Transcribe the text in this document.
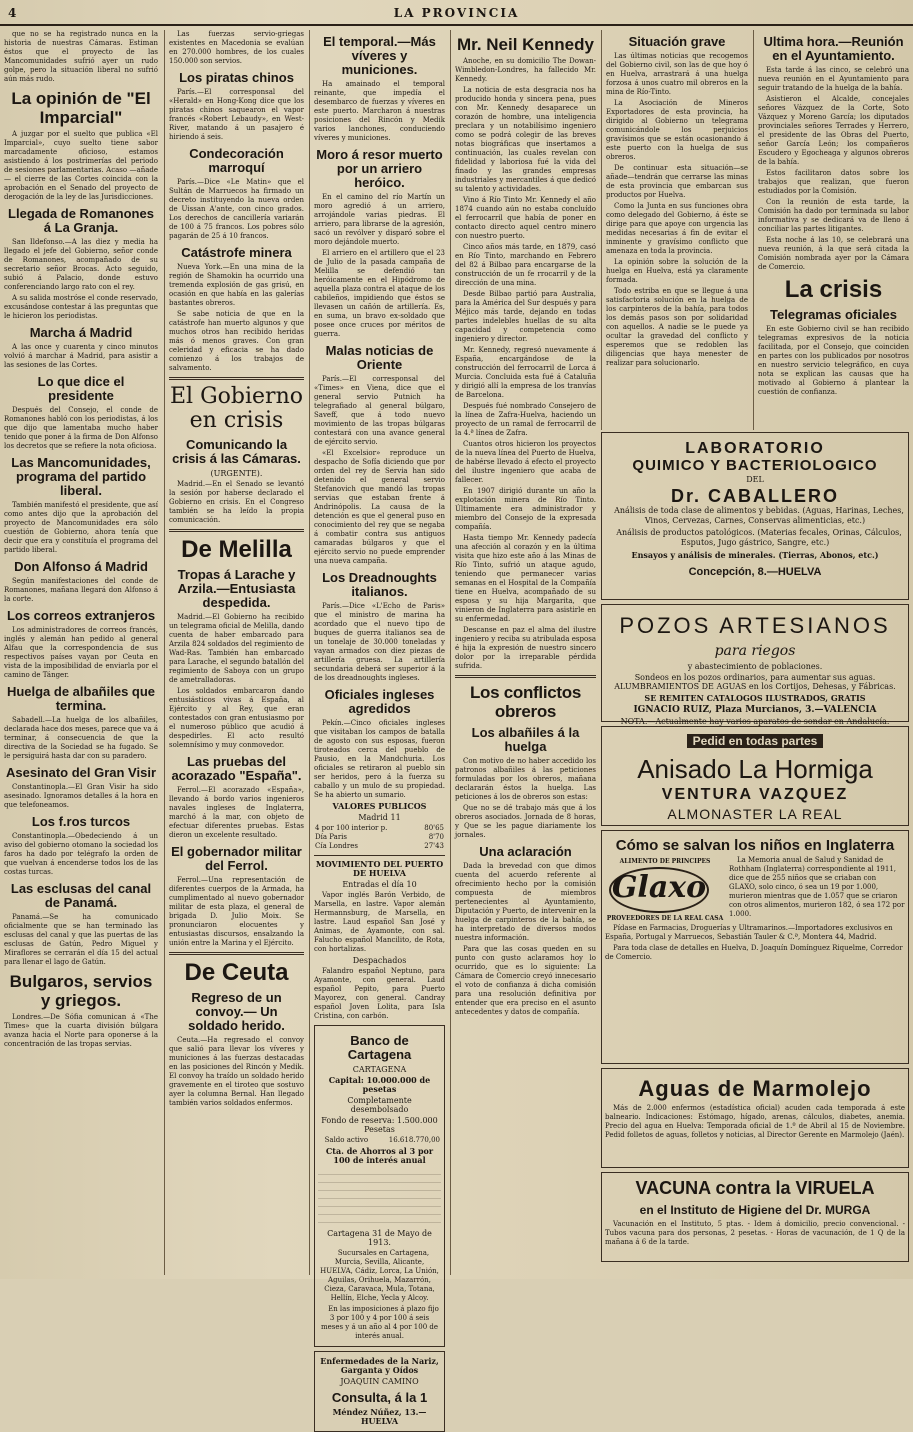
4	LA PROVINCIA

que no se ha registrado nunca en la historia de nuestras Cámaras. Estiman éstos que el proyecto de las Mancomunidades sufrió ayer un rudo golpe, pero la situación liberal no sufrió aún más rudo.

La opinión de "El Imparcial"

A juzgar por el suelto que publica «El Imparcial», cuyo suelto tiene sabor marcadamente oficioso, estamos asistiendo á los postrimerías del periodo de sesiones parlamentarias. Acaso —añade— el cierre de las Cortes coincida con la aprobación en el Senado del proyecto de derogación de la ley de las Jurisdicciones.

Llegada de Romanones á La Granja.

San Ildefonso.—A las diez y media ha llegado el jefe del Gobierno, señor conde de Romanones, acompañado de su secretario señor Brocas. Acto seguido, subió á Palacio, donde estuvo conferenciando largo rato con el rey.

A su salida mostróse el conde reservado, excusándose contestar á las preguntas que le hicieron los periodistas.

Marcha á Madrid

A las once y cuarenta y cinco minutos volvió á marchar á Madrid, para asistir a las sesiones de las Cortes.

Lo que dice el presidente

Después del Consejo, el conde de Romanones habló con los periodistas, á los que dijo que lamentaba mucho haber tenido que poner á la firma de Don Alfonso los decretos que se refiere la nota oficiosa.

Las Mancomunidades, programa del partido liberal.

También manifestó el presidente, que así como antes dijo que la aprobación del proyecto de Mancomunidades era sólo cuestión de Gobierno, ahora tenía que decir que era y constituía el programa del partido liberal.

Don Alfonso á Madrid

Según manifestaciones del conde de Romanones, mañana llegará don Alfonso á la corte.

Los correos extranjeros

Los administradores de correos francés, inglés y alemán han pedido al general Alfau que la correspondencia de sus respectivos países vayan por Ceuta en vista de la imposibilidad de enviarla por el camino de Tánger.

Huelga de albañiles que termina.

Sabadell.—La huelga de los albañiles, declarada hace dos meses, parece que va á terminar, á consecuencia de que la directiva de la Sociedad se ha fugado. Se le persiguirá hasta dar con su paradero.

Asesinato del Gran Visir

Constantinopla.—El Gran Visir ha sido asesinado. Ignoramos detalles á la hora en que telefoneamos.

Los f.ros turcos

Constantinopla.—Obedeciendo á un aviso del gobierno otomano la sociedad los faros ha dado por telégrafo la orden de que vuelvan á encenderse todos los de las costas turcas.

Las esclusas del canal de Panamá.

Panamá.—Se ha comunicado oficialmente que se han terminado las esclusas del canal y que las puertas de las esclusas de Gatún, Pedro Miguel y Miraflores se cerrarán el día 15 del actual para llenar el lago de Gatún.

Bulgaros, servios y griegos.

Londres.—De Sófia comunican á «The Times» que la cuarta división búlgara avanza hacia el Norte para oponerse á la concentración de las tropas servias.

Las fuerzas servio-griegas existentes en Macedonia se evalúan en 270.000 hombres, de los cuales 150.000 son servios.

Los piratas chinos

París.—El corresponsal del «Herald» en Hong-Kong dice que los piratas chinos saquearon el vapor francés «Robert Lebaudy», en West-River, matando á un pasajero é hiriendo á seis.

Condecoración marroquí

París.—Dice «Le Matin» que el Sultán de Marruecos ha firmado un decreto instituyendo la nueva orden de Uissan A'ante, con cinco grados. Los derechos de cancillería variarán de 100 á 75 francos. Los pobres sólo pagarán de 25 á 10 francos.

Catástrofe minera

Nueva York.—En una mina de la región de Shamokin ha ocurrido una tremenda explosión de gas grisú, en ocasión en que había en las galerías bastantes obreros.

Se sabe noticia de que en la catástrofe han muerto algunos y que muchos otros han recibido heridas más ó menos graves. Con gran celeridad y eficacia se ha dado comienzo á los trabajos de salvamento.

El Gobierno en crisis
Comunicando la crisis á las Cámaras.
(URGENTE).

Madrid.—En el Senado se levantó la sesión por haberse declarado el Gobierno en crisis. En el Congreso también se ha leído la propia comunicación.

De Melilla
Tropas á Larache y Arzila.—Entusiasta despedida.

Madrid.—El Gobierno ha recibido un telegrama oficial de Melilla, dando cuenta de haber embarcado para Arzila 824 soldados del regimiento de Wad-Ras. También han embarcado para Larache, el segundo batallón del regimiento de Saboya con un grupo de ametralladoras.

Los soldados embarcaron dando entusiásticos vivas á España, al Ejército y al Rey, que eran contestados con gran entusiasmo por el numeroso público que acudió á despedirles. El acto resultó solemnísimo y muy conmovedor.

Las pruebas del acorazado "España".

Ferrol.—El acorazado «España», llevando á bordo varios ingenieros navales ingleses de Inglaterra, marchó á la mar, con objeto de efectuar diferentes pruebas. Estas dieron un excelente resultado.

El gobernador militar del Ferrol.

Ferrol.—Una representación de diferentes cuerpos de la Armada, ha cumplimentado al nuevo gobernador militar de esta plaza, el general de brigada D. Julio Moix. Se pronunciaron elocuentes y entusiastas discursos, ensalzando la unión entre la Marina y el Ejército.

De Ceuta
Regreso de un convoy.— Un soldado herido.

Ceuta.—Ha regresado el convoy que salió para llevar los víveres y municiones á las fuerzas destacadas en las posiciones del Rincón y Medik. El convoy ha traído un soldado herido gravemente en el tiroteo que sostuvo ayer la columna Bernal. Han llegado también varios soldados enfermos.

El temporal.—Más víveres y municiones.

Ha amainado el temporal reinante, que impedía el desembarco de fuerzas y víveres en este puerto. Marcharon á nuestras posiciones del Rincón y Medik varios lanchones, conduciendo víveres y municiones.

Moro á resor muerto por un arriero heróico.

En el camino del río Martín un moro agredió á un arriero, arrojándole varias piedras. El arriero, para librarse de la agresión, sacó un revólver y disparó sobre el moro dejándole muerto.

El arriero en el artillero que el 23 de Julio de la pasada campaña de Melilla se defendió tan heróicamente en el Hipódromo de aquella plaza contra el ataque de los cabileños, impidiendo que éstos se llevasen un cañón de artillería. Es, en suma, un bravo ex-soldado que posee once cruces por méritos de guerra.

Malas noticias de Oriente

París.—El corresponsal del «Times» en Viena, dice que el general servio Putnich ha telegrafiado al general búlgaro, Saveff, que á todo nuevo movimiento de las tropas búlgaras contestará con una avance general de ejército servio.

«El Excelsior» reproduce un despacho de Sofía diciendo que por orden del rey de Servia han sido detenido el general servio Stefanovich que mandó las tropas servias que estaban frente á Andrinópolis. La causa de la detención es que el general puso en conocimiento del rey que se negaba á combatir contra sus antiguos camaradas búlgaros y que el ejército servio no puede emprender una nueva campaña.

Los Dreadnoughts italianos.

París.—Dice «L'Echo de Paris» que el ministro de marina ha acordado que el nuevo tipo de buques de guerra italianos sea de un tonelaje de 30.000 toneladas y vayan armados con diez piezas de artillería gruesa. La artillería secundaria deberá ser superior á la de los dreadnoughts ingleses.

Oficiales ingleses agredidos

Pekín.—Cinco oficiales ingleses que visitaban los campos de batalla de agosto con sus esposas, fueron tiroteados cerca del pueblo de Pausio, en la Mandchuria. Los oficiales se retiraron al pueblo sin ser heridos, pero á la fuerza su caballo y un mulo de su propiedad. Se ha abierto un sumario.

VALORES PUBLICOS
Madrid 11
4 por 100 interior p.	80'65
Día Paris	8'70
Cía Londres	27'43
MOVIMIENTO DEL PUERTO DE HUELVA
Entradas el día 10

Vapor inglés Barón Verbido, de Marsella, en lastre. Vapor alemán Hermannsburg, de Marsella, en lastre. Laud español San José y Animas, de Ayamonte, con sal. Falucho español Mancilito, de Rota, con hortalizas.

Despachados

Falandro español Neptuno, para Ayamonte, con general. Laud español Pepito, para Puerto Mayorez, con general. Candray español Joven Lolita, para Isla Cristina, con carbón.

Banco de Cartagena
CARTAGENA
Capital: 10.000.000 de pesetas
Completamente desembolsado
Fondo de reserva: 1.500.000 Pesetas
Saldo activo	16.618.770,00
Cta. de Ahorros al 3 por 100 de interés anual
Cartagena 31 de Mayo de 1913.

Sucursales en Cartagena, Murcia, Sevilla, Alicante, HUELVA, Cádiz, Lorca, La Unión, Aguilas, Orihuela, Mazarrón, Cieza, Caravaca, Mula, Totana, Hellín, Elche, Yecla y Alcoy.

En las imposiciones á plazo fijo 3 por 100 y 4 por 100 á seis meses y á un año al 4 por 100 de interés anual.

Enfermedades de la Nariz, Garganta y Oídos
JOAQUIN CAMINO
Consulta, á la 1
Méndez Núñez, 13.—HUELVA
Mr. Neil Kennedy

Anoche, en su domicilio The Dowan-Wimbledon-Londres, ha fallecido Mr. Kennedy.

La noticia de esta desgracia nos ha producido honda y sincera pena, pues con Mr. Kennedy desaparece un corazón de hombre, una inteligencia preclara y un notabilísimo ingeniero como se podrá colegir de las breves notas biográficas que insertamos a continuación, las cuales revelan con fidelidad y laboriosa fué la vida del finado y las grandes empresas industriales y mercantiles á que dedicó su talento y actividades.

Vino á Río Tinto Mr. Kennedy el año 1874 cuando aún no estaba concluído el ferrocarril que había de poner en contacto directo aquel centro minero con nuestro puerto.

Cinco años más tarde, en 1879, casó en Río Tinto, marchando en Febrero del 82 á Bilbao para encargarse de la construcción de un fe rrocarril y de la dirección de una mina.

Desde Bilbao partió para Australia, para la América del Sur después y para Méjico más tarde, dejando en todas partes indelebles huellas de su alta capacidad y competencia como ingeniero y director.

Mr. Kennedy, regresó nuevamente á España, encargándose de la construcción del ferrocarril de Lorca á Murcia. Concluida esta fué á Cataluña y dirigió allí la empresa de los tranvías de Barcelona.

Después fué nombrado Consejero de la línea de Zafra-Huelva, haciendo un proyecto de un ramal de ferrocarril de la 4.ª línea de Zafra.

Cuantos otros hicieron los proyectos de la nueva línea del Puerto de Huelva, de habérse llevado á efecto el proyecto del ilustre ingeniero que acaba de fallecer.

En 1907 dirigió durante un año la explotación minera de Río Tinto. Últimamente era administrador y miembro del Consejo de la expresada compañía.

Hasta tiempo Mr. Kennedy padecía una afección al corazón y en la última visita que hizo este año á las Minas de Río Tinto, sufrió un ataque agudo, teniendo que permanecer varias semanas en el Hospital de la Compañía tiene en Huelva, acompañado de su esposa y su hija Margarita, que vinieron de Inglaterra para asistirle en su enfermedad.

Descanse en paz el alma del ilustre ingeniero y reciba su atribulada esposa é hija la expresión de nuestro sincero dolor por la irreparable pérdida sufrida.

Los conflictos obreros
Los albañiles á la huelga

Con motivo de no haber accedido los patronos albañiles á las peticiones formuladas por los obreros, mañana declararán éstos la huelga. Las peticiones á los de obreros son estas:

Que no se dé trabajo más que á los obreros asociados. Jornada de 8 horas, y Que se les pague diariamente los jornales.

Una aclaración

Dada la brevedad con que dimos cuenta del acuerdo referente al ofrecimiento hecho por la comisión compuesta de miembros pertenecientes al Ayuntamiento, Diputación y Puerto, de intervenir en la huelga de carpinteros de la bahía, se ha interpretado de diversos modos nuestra información.

Para que las cosas queden en su punto con gusto aclaramos hoy lo ocurrido, que es lo siguiente: La Cámara de Comercio creyó innecesario el voto de confianza á dicha comisión para una resolución definitiva por entender que era preciso en el asunto antecedentes y datos de compañía.

Situación grave

Las últimas noticias que recogemos del Gobierno civil, son las de que hoy ó en Huelva, arrastrará á una huelga forzosa á unos cuatro mil obreros en la mina de Río-Tinto.

La Asociación de Mineros Exportadores de esta provincia, ha dirigido al Gobierno un telegrama comunicándole los perjuicios gravísimos que se están ocasionando á este puerto con la huelga de sus obreros.

De continuar esta situación—se añade—tendrán que cerrarse las minas de esta provincia que embarcan sus productos por Huelva.

Como la Junta en sus funciones obra como delegado del Gobierno, á éste se dirige para que apoye con urgencia las medidas necesarias á fin de evitar el inminente y gravísimo conflicto que amenaza en toda la provincia.

La opinión sobre la solución de la huelga en Huelva, está ya claramente formada.

Todo estriba en que se llegue á una satisfactoria solución en la huelga de los carpinteros de la bahía, para todos los demás pasos son por solidaridad con aquellos. A nadie se le puede ya ocultar la gravedad del conflicto y esperemos que se redoblen las diligencias que haya menester de realizar para solucionarlo.

Ultima hora.—Reunión en el Ayuntamiento.

Esta tarde á las cinco, se celebró una nueva reunión en el Ayuntamiento para seguir tratando de la huelga de la bahía.

Asistieron el Alcalde, concejales señores Vázquez de la Corte, Soto Vázquez y Moreno García; los diputados provinciales señores Terrades y Herrero, el presidente de las Obras del Puerto, señor García León; los compañeros Escudero y Egocheaga y algunos obreros de la bahía.

Estos facilitaron datos sobre los trabajos que realizan, que fueron estudiados por la Comisión.

Con la reunión de esta tarde, la Comisión ha dado por terminada su labor informativa y se dedicará va de lleno á conciliar las partes litigantes.

Esta noche á las 10, se celebrará una nueva reunión, á la que será citada la Comisión nombrada ayer por la Cámara de Comercio.

La crisis
Telegramas oficiales

En este Gobierno civil se han recibido telegramas expresivos de la noticia facilitada, por el Consejo, que coinciden en partes con los publicados por nosotros en nuestro servicio telegráfico, en cuya nota se explican las causas que ha motivado al Gobierno á plantear la cuestión de confianza.

LABORATORIO
QUIMICO Y BACTERIOLOGICO
DEL
Dr. CABALLERO

Análisis de toda clase de alimentos y bebidas. (Aguas, Harinas, Leches, Vinos, Cervezas, Carnes, Conservas alimenticias, etc.)

Análisis de productos patológicos. (Materias fecales, Orinas, Cálculos, Esputos, Jugo gástrico, Sangre, etc.)

Ensayos y análisis de minerales. (Tierras, Abonos, etc.)
Concepción, 8.—HUELVA
POZOS ARTESIANOS
para riegos
y abastecimiento de poblaciones.
Sondeos en los pozos ordinarios, para aumentar sus aguas. ALUMBRAMIENTOS DE AGUAS en los Cortijos, Dehesas, y Fábricas.
SE REMITEN CATALOGOS ILUSTRADOS, GRATIS
IGNACIO RUIZ, Plaza Murcianos, 3.—VALENCIA
NOTA.—Actualmente hay varios aparatos de sondar en Andalucía.
Pedid en todas partes
Anisado La Hormiga
VENTURA VAZQUEZ
ALMONASTER LA REAL
Cómo se salvan los niños en Inglaterra
ALIMENTO DE PRINCIPES
Glaxo
PROVEEDORES DE LA REAL CASA

La Memoria anual de Salud y Sanidad de Rothham (Inglaterra) correspondiente al 1911, dice que de 255 niños que se criaban con GLAXO, solo cinco, ó sea un 19 por 1.000, murieron mientras que de 1.057 que se criaron con otros alimentos, murieron 182, ó sea 172 por 1.000.

Pídase en Farmacias, Droguerías y Ultramarinos.—Importadores exclusivos en España, Portugal y Marruecos, Sebastián Tauler & C.ª, Montera 44, Madrid.

Para toda clase de detalles en Huelva, D. Joaquín Domínguez Riquelme, Corredor de Comercio.

Aguas de Marmolejo

Más de 2.000 enfermos (estadística oficial) acuden cada temporada á este balneario. Indicaciones: Estómago, hígado, arenas, cálculos, diabetes, anemia. Precio del agua en Huelva: Temporada oficial de 1.º de Abril al 15 de Noviembre. Pedid folletos de aguas, folletos y noticias, al Director Gerente en Marmolejo (Jaén).

VACUNA contra la VIRUELA
en el Instituto de Higiene del Dr. MURGA

Vacunación en el Instituto, 5 ptas. - Idem á domicilio, precio convencional. - Tubos vacuna para dos personas, 2 pesetas. - Horas de vacunación, de 1 Q de la mañana á 6 de la tarde.
